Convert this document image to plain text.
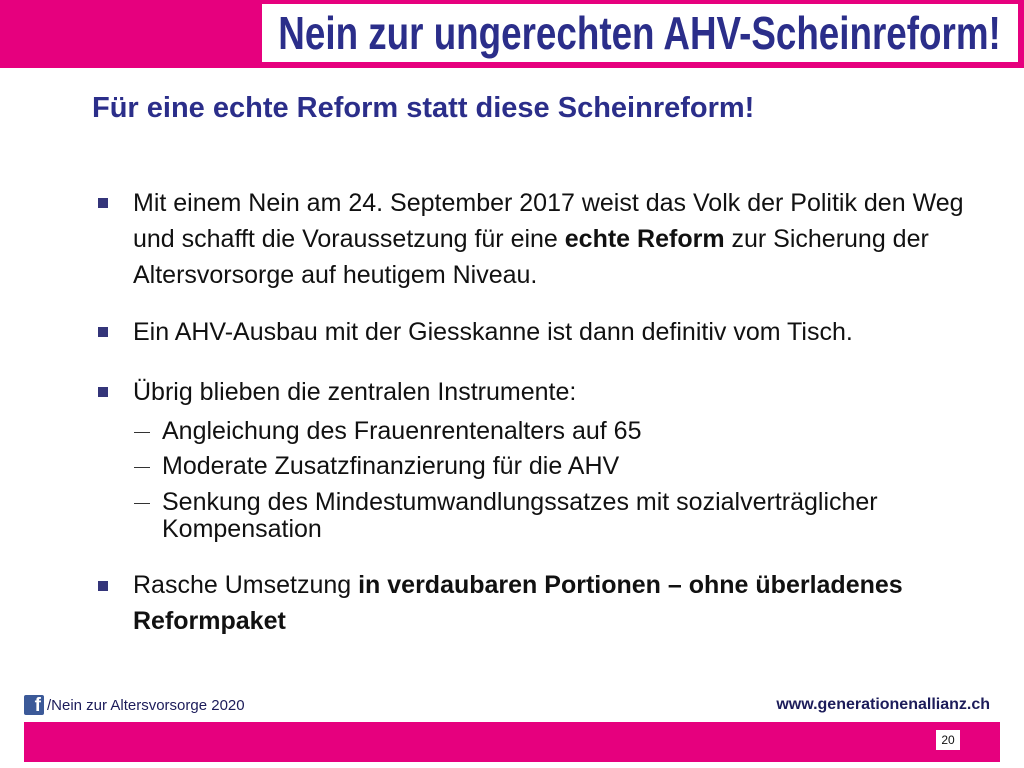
Nein zur ungerechten AHV-Scheinreform!
Für eine echte Reform statt diese Scheinreform!
Mit einem Nein am 24. September 2017 weist das Volk der Politik den Weg und schafft die Voraussetzung für eine echte Reform zur Sicherung der Altersvorsorge auf heutigem Niveau.
Ein AHV-Ausbau mit der Giesskanne ist dann definitiv vom Tisch.
Übrig blieben die zentralen Instrumente:
Angleichung des Frauenrentenalters auf 65
Moderate Zusatzfinanzierung für die AHV
Senkung des Mindestumwandlungssatzes mit sozialverträglicher Kompensation
Rasche Umsetzung in verdaubaren Portionen – ohne überladenes Reformpaket
f /Nein zur Altersvorsorge 2020	www.generationenallianz.ch
20
